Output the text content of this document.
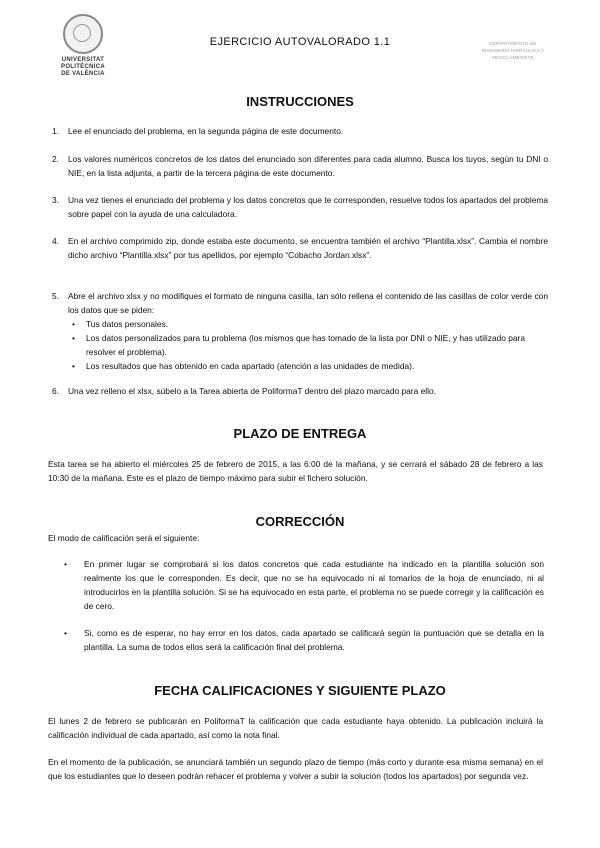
UNIVERSITAT
POLITÈCNICA
DE VALÈNCIA
EJERCICIO AUTOVALORADO 1.1	DEPARTAMENTO DE
INGENIERÍA HIDRÁULICA Y
MEDIO AMBIENTE
INSTRUCCIONES
1. Lee el enunciado del problema, en la segunda página de este documento.
2. Los valores numéricos concretos de los datos del enunciado son diferentes para cada alumno. Busca los tuyos, según tu DNI o NIE, en la lista adjunta, a partir de la tercera página de este documento.
3. Una vez tienes el enunciado del problema y los datos concretos que te corresponden, resuelve todos los apartados del problema sobre papel con la ayuda de una calculadora.
4. En el archivo comprimido zip, donde estaba este documento, se encuentra también el archivo “Plantilla.xlsx”. Cambia el nombre dicho archivo “Plantilla.xlsx” por tus apellidos, por ejemplo “Cobacho Jordan.xlsx”.
5. Abre el archivo xlsx y no modifiques el formato de ninguna casilla, tan sólo rellena el contenido de las casillas de color verde con los datos que se piden:
• Tus datos personales.
• Los datos personalizados para tu problema (los mismos que has tomado de la lista por DNI o NIE, y has utilizado para resolver el problema).
• Los resultados que has obtenido en cada apartado (atención a las unidades de medida).
6. Una vez relleno el xlsx, súbelo a la Tarea abierta de PoliformaT dentro del plazo marcado para ello.
PLAZO DE ENTREGA
Esta tarea se ha abierto el miércoles 25 de febrero de 2015, a las 6:00 de la mañana, y se cerrará el sábado 28 de febrero a las 10:30 de la mañana. Este es el plazo de tiempo máximo para subir el fichero solución.
CORRECCIÓN
El modo de calificación será el siguiente:
• En primer lugar se comprobará si los datos concretos que cada estudiante ha indicado en la plantilla solución son realmente los que le corresponden. Es decir, que no se ha equivocado ni al tomarlos de la hoja de enunciado, ni al introducirlos en la plantilla solución. Si se ha equivocado en esta parte, el problema no se puede corregir y la calificación es de cero.
• Si, como es de esperar, no hay error en los datos, cada apartado se calificará según la puntuación que se detalla en la plantilla. La suma de todos ellos será la calificación final del problema.
FECHA CALIFICACIONES Y SIGUIENTE PLAZO
El lunes 2 de febrero se publicarán en PoliformaT la calificación que cada estudiante haya obtenido. La publicación incluirá la calificación individual de cada apartado, así como la nota final.
En el momento de la publicación, se anunciará también un segundo plazo de tiempo (más corto y durante esa misma semana) en el que los estudiantes que lo deseen podrán rehacer el problema y volver a subir la solución (todos los apartados) por segunda vez.
